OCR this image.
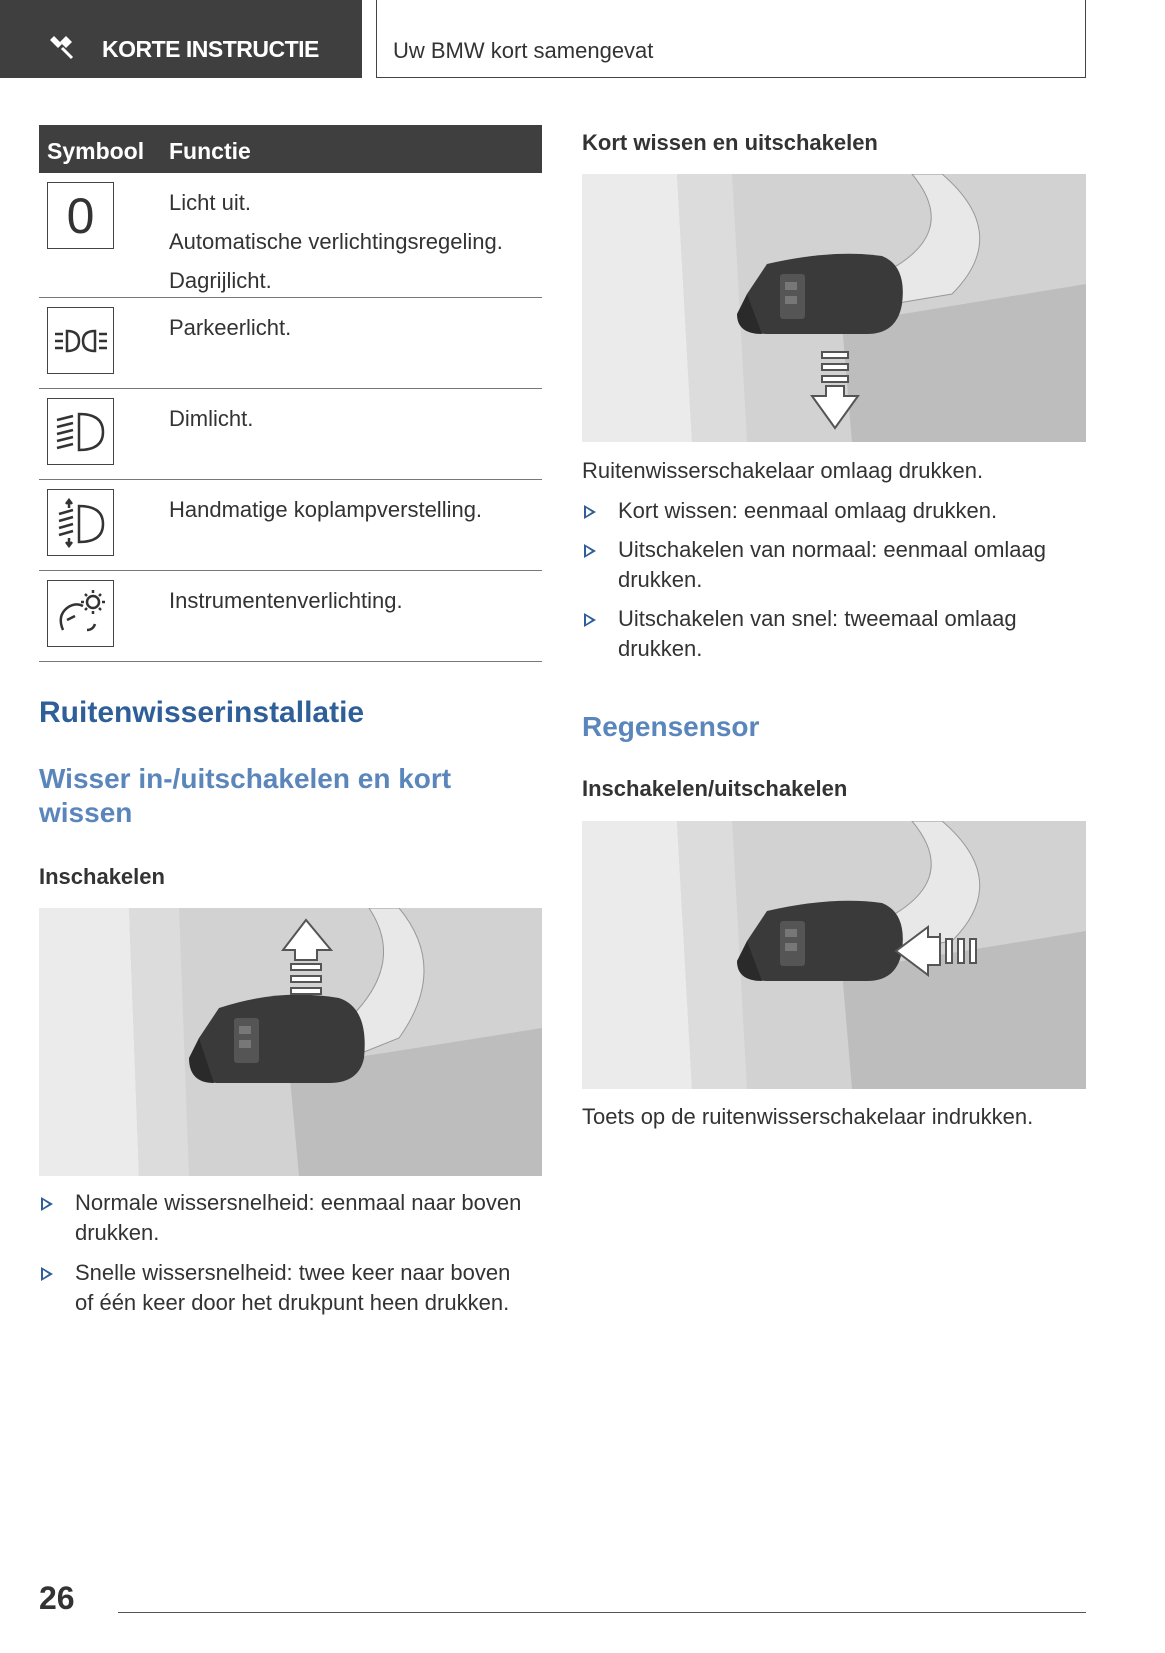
KORTE INSTRUCTIE	Uw BMW kort samengevat
Symbool Functie
0	Licht uit.
Automatische verlichtingsregeling.
Dagrijlicht.
Parkeerlicht.
Dimlicht.
Handmatige koplampverstelling.
Instrumentenverlichting.
Ruitenwisserinstallatie
Wisser in-/uitschakelen en kort
wissen
Inschakelen
Normale wissersnelheid: eenmaal naar boven
drukken.
Snelle wissersnelheid: twee keer naar boven
of één keer door het drukpunt heen drukken.
Kort wissen en uitschakelen
Ruitenwisserschakelaar omlaag drukken.
Kort wissen: eenmaal omlaag drukken.
Uitschakelen van normaal: eenmaal omlaag
drukken.
Uitschakelen van snel: tweemaal omlaag
drukken.
Regensensor
Inschakelen/uitschakelen
Toets op de ruitenwisserschakelaar indrukken.
26
